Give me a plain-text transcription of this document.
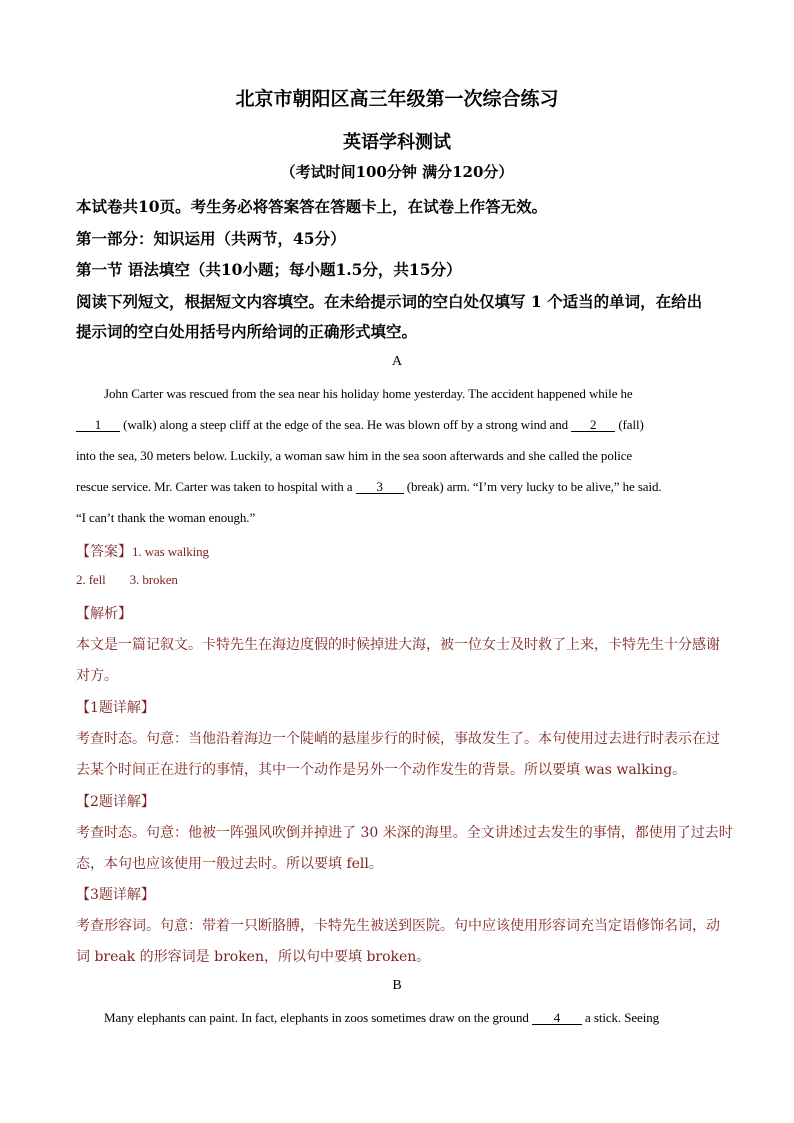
北京市朝阳区高三年级第一次综合练习
英语学科测试
（考试时间100分钟 满分120分）
本试卷共10页。考生务必将答案答在答题卡上，在试卷上作答无效。
第一部分：知识运用（共两节，45分）
第一节 语法填空（共10小题；每小题1.5分，共15分）
阅读下列短文，根据短文内容填空。在未给提示词的空白处仅填写 1 个适当的单词，在给出
提示词的空白处用括号内所给词的正确形式填空。
A
John Carter was rescued from the sea near his holiday home yesterday. The accident happened while he
1 (walk) along a steep cliff at the edge of the sea. He was blown off by a strong wind and 2 (fall)
into the sea, 30 meters below. Luckily, a woman saw him in the sea soon afterwards and she called the police
rescue service. Mr. Carter was taken to hospital with a 3 (break) arm. “I’m very lucky to be alive,” he said.
“I can’t thank the woman enough.”
【答案】1. was walking
2. fell 3. broken
【解析】
本文是一篇记叙文。卡特先生在海边度假的时候掉进大海，被一位女士及时救了上来，卡特先生十分感谢
对方。
【1题详解】
考查时态。句意：当他沿着海边一个陡峭的悬崖步行的时候，事故发生了。本句使用过去进行时表示在过
去某个时间正在进行的事情，其中一个动作是另外一个动作发生的背景。所以要填 was walking。
【2题详解】
考查时态。句意：他被一阵强风吹倒并掉进了 30 米深的海里。全文讲述过去发生的事情，都使用了过去时
态，本句也应该使用一般过去时。所以要填 fell。
【3题详解】
考查形容词。句意：带着一只断胳膊，卡特先生被送到医院。句中应该使用形容词充当定语修饰名词，动
词 break 的形容词是 broken，所以句中要填 broken。
B
Many elephants can paint. In fact, elephants in zoos sometimes draw on the ground 4 a stick. Seeing
